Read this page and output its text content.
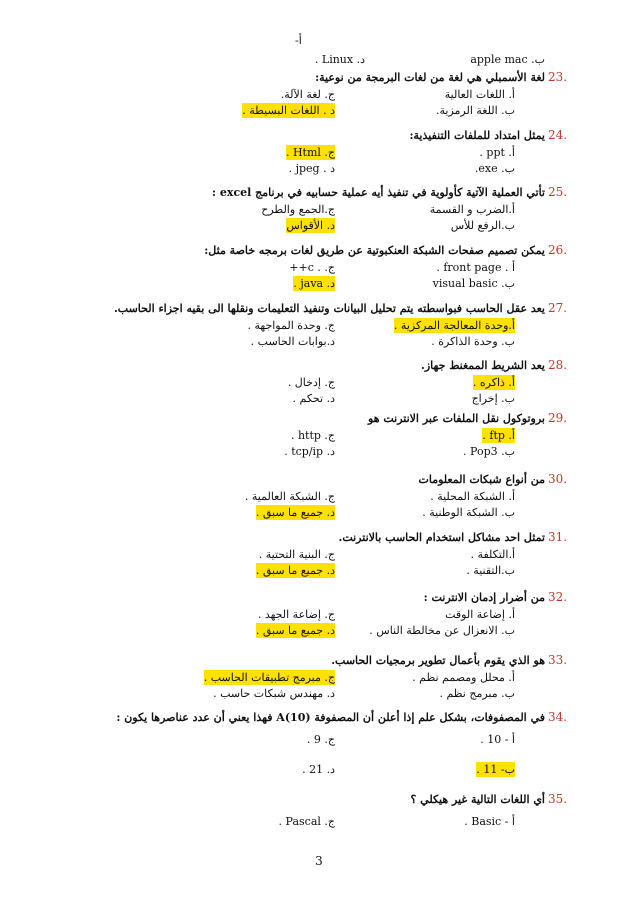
-أ
ب. apple mac
د. Linux .
23.
لغة الأسمبلي هي لغة من لغات البرمجة من نوعية:
أ. اللغات العالية
ج. لغة الآلة.
ب. اللغة الرمزية.
د . اللغات البسيطة .
24.
يمثل امتداد للملفات التنفيذية:
أ. ppt .
ج. Html .
ب. exe.
د . jpeg .
25.
تأتي العملية الآتية كأولوية في تنفيذ أيه عملية حسابيه في برنامج excel :
أ.الضرب و القسمة
ج.الجمع والطرح
ب.الرفع للأس
د. الأقواس
26.
يمكن تصميم صفحات الشبكة العنكبوتية عن طريق لغات برمجه خاصة مثل:
أ . front page .
ج. . c++
ب. visual basic
د. java .
27.
يعد عقل الحاسب فبواسطته يتم تحليل البيانات وتنفيذ التعليمات ونقلها الى بقيه اجزاء الحاسب.
أ.وحدة المعالجة المركزية .
ج. وحدة المواجهة .
ب. وحدة الذاكرة .
د.بوابات الحاسب .
28.
يعد الشريط الممغنط جهاز.
أ. ذاكره .
ج. إدخال .
ب. إخراج
د. تحكم .
29.
بروتوكول نقل الملفات عبر الانترنت هو
أ. ftp .
ج. http .
ب. Pop3 .
د. tcp/ip .
30.
من أنواع شبكات المعلومات
أ. الشبكة المحلية .
ج. الشبكة العالمية .
ب. الشبكة الوطنية .
د. جميع ما سبق .
31.
تمثل احد مشاكل استخدام الحاسب بالانترنت.
أ.التكلفة .
ج. البنية التحتية .
ب.التقنية .
د. جميع ما سبق .
32.
من أضرار إدمان الانترنت :
أ. إضاعة الوقت
ج. إضاعة الجهد .
ب. الانعزال عن مخالطة الناس .
د. جميع ما سبق .
33.
هو الذي يقوم بأعمال تطوير برمجيات الحاسب.
أ. محلل ومصمم نظم .
ج. مبرمج تطبيقات الحاسب .
ب. مبرمج نظم .
د. مهندس شبكات حاسب .
34.
في المصفوفات، بشكل علم إذا أعلن أن المصفوفة A(10) فهذا يعني أن عدد عناصرها يكون :
أ - 10 .
ج. 9 .
ب- 11 .
د. 21 .
35.
أي اللغات التالية غير هيكلي ؟
أ - Basic .
ج. Pascal .
3
